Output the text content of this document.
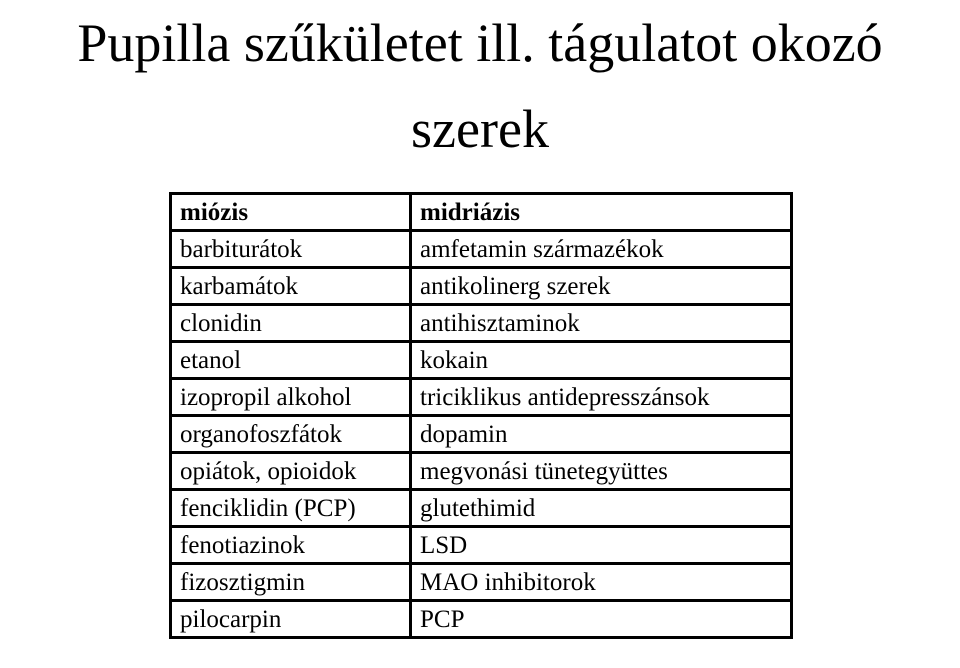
Pupilla szűkületet ill. tágulatot okozó
szerek
miózis	midriázis
barbiturátok	amfetamin származékok
karbamátok	antikolinerg szerek
clonidin	antihisztaminok
etanol	kokain
izopropil alkohol	triciklikus antidepresszánsok
organofoszfátok	dopamin
opiátok, opioidok	megvonási tünetegyüttes
fenciklidin (PCP)	glutethimid
fenotiazinok	LSD
fizosztigmin	MAO inhibitorok
pilocarpin	PCP
